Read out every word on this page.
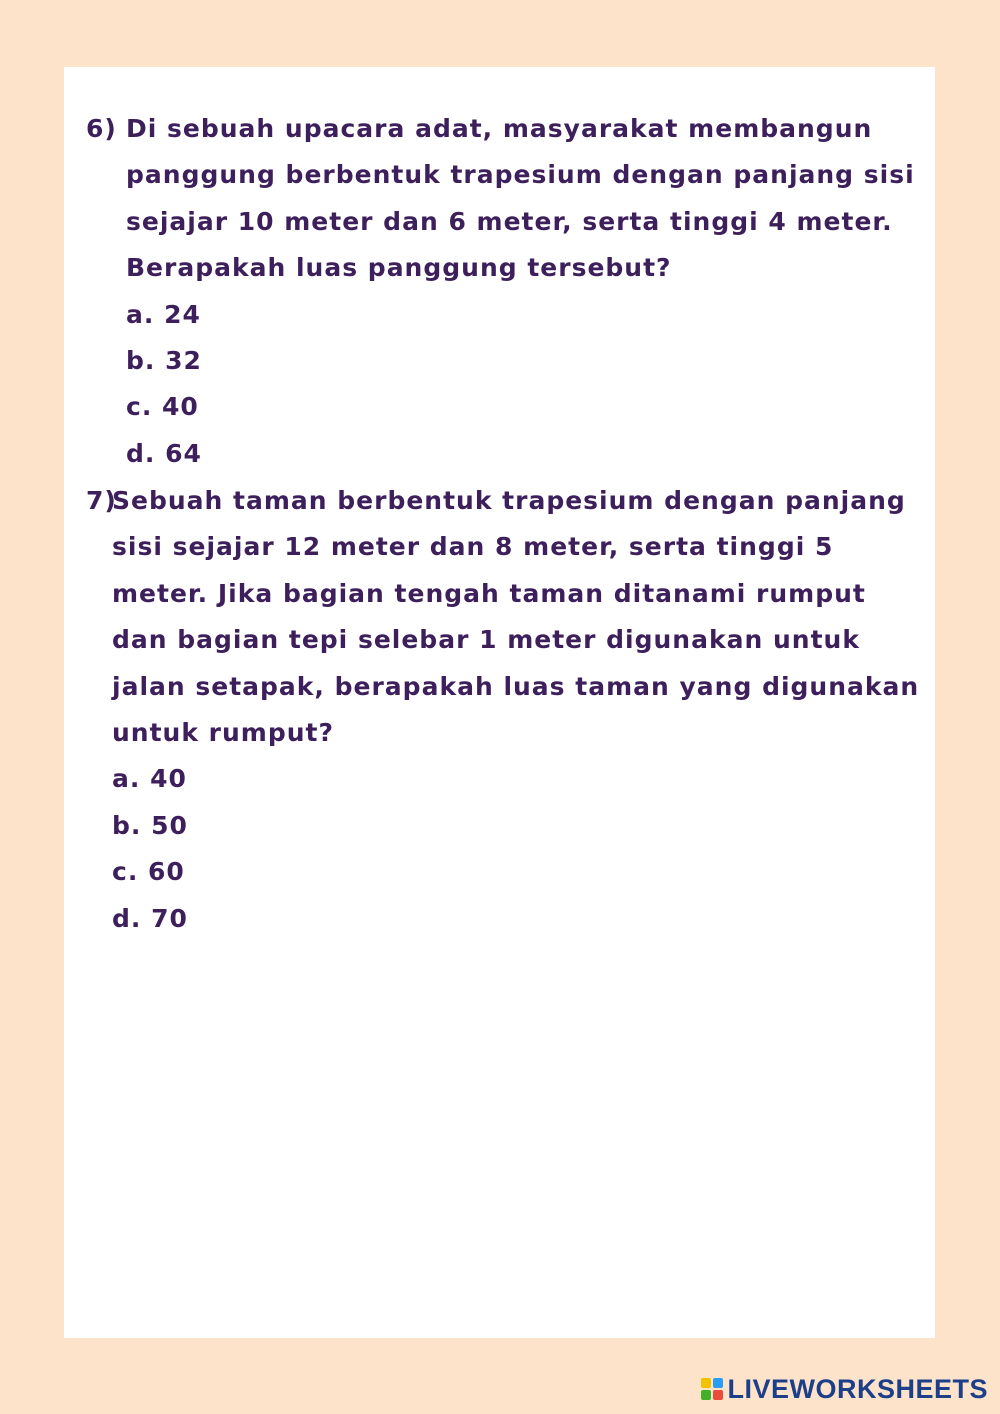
6) Di sebuah upacara adat, masyarakat membangun
panggung berbentuk trapesium dengan panjang sisi
sejajar 10 meter dan 6 meter, serta tinggi 4 meter.
Berapakah luas panggung tersebut?
a. 24
b. 32
c. 40
d. 64
7)Sebuah taman berbentuk trapesium dengan panjang
sisi sejajar 12 meter dan 8 meter, serta tinggi 5
meter. Jika bagian tengah taman ditanami rumput
dan bagian tepi selebar 1 meter digunakan untuk
jalan setapak, berapakah luas taman yang digunakan
untuk rumput?
a. 40
b. 50
c. 60
d. 70
LIVEWORKSHEETS
